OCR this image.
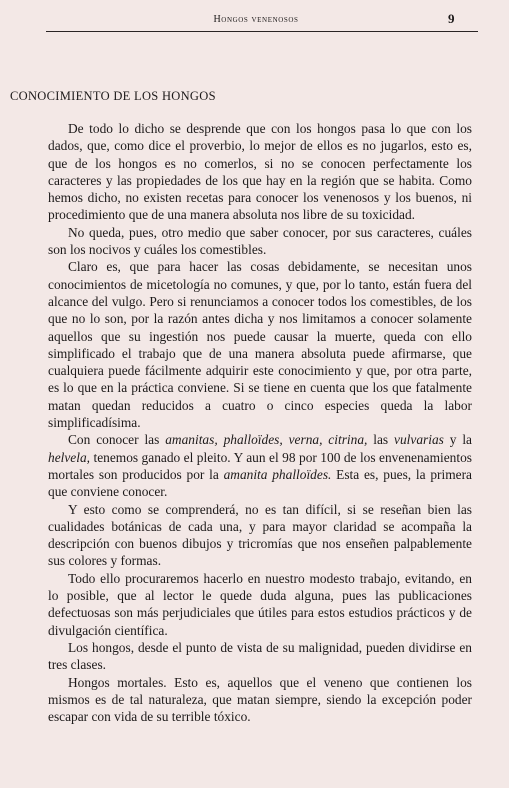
Hongos venenosos	9
CONOCIMIENTO DE LOS HONGOS

De todo lo dicho se desprende que con los hongos pasa lo que con los dados, que, como dice el proverbio, lo mejor de ellos es no jugarlos, esto es, que de los hongos es no comerlos, si no se conocen perfectamente los caracteres y las propiedades de los que hay en la región que se habita. Como hemos dicho, no existen recetas para conocer los venenosos y los buenos, ni procedimiento que de una manera absoluta nos libre de su toxicidad.

No queda, pues, otro medio que saber conocer, por sus caracteres, cuáles son los nocivos y cuáles los comestibles.

Claro es, que para hacer las cosas debidamente, se necesitan unos conocimientos de micetología no comunes, y que, por lo tanto, están fuera del alcance del vulgo. Pero si renunciamos a conocer todos los comestibles, de los que no lo son, por la razón antes dicha y nos limitamos a conocer solamente aquellos que su ingestión nos puede causar la muerte, queda con ello simplificado el trabajo que de una manera absoluta puede afirmarse, que cualquiera puede fácilmente adquirir este conocimiento y que, por otra parte, es lo que en la práctica conviene. Si se tiene en cuenta que los que fatalmente matan quedan reducidos a cuatro o cinco especies queda la labor simplificadísima.

Con conocer las amanitas, phalloïdes, verna, citrina, las vulvarias y la helvela, tenemos ganado el pleito. Y aun el 98 por 100 de los envenenamientos mortales son producidos por la amanita phalloïdes. Esta es, pues, la primera que conviene conocer.

Y esto como se comprenderá, no es tan difícil, si se reseñan bien las cualidades botánicas de cada una, y para mayor claridad se acompaña la descripción con buenos dibujos y tricromías que nos enseñen palpablemente sus colores y formas.

Todo ello procuraremos hacerlo en nuestro modesto trabajo, evitando, en lo posible, que al lector le quede duda alguna, pues las publicaciones defectuosas son más perjudiciales que útiles para estos estudios prácticos y de divulgación científica.

Los hongos, desde el punto de vista de su malignidad, pueden dividirse en tres clases.

Hongos mortales. Esto es, aquellos que el veneno que contienen los mismos es de tal naturaleza, que matan siempre, siendo la excepción poder escapar con vida de su terrible tóxico.
